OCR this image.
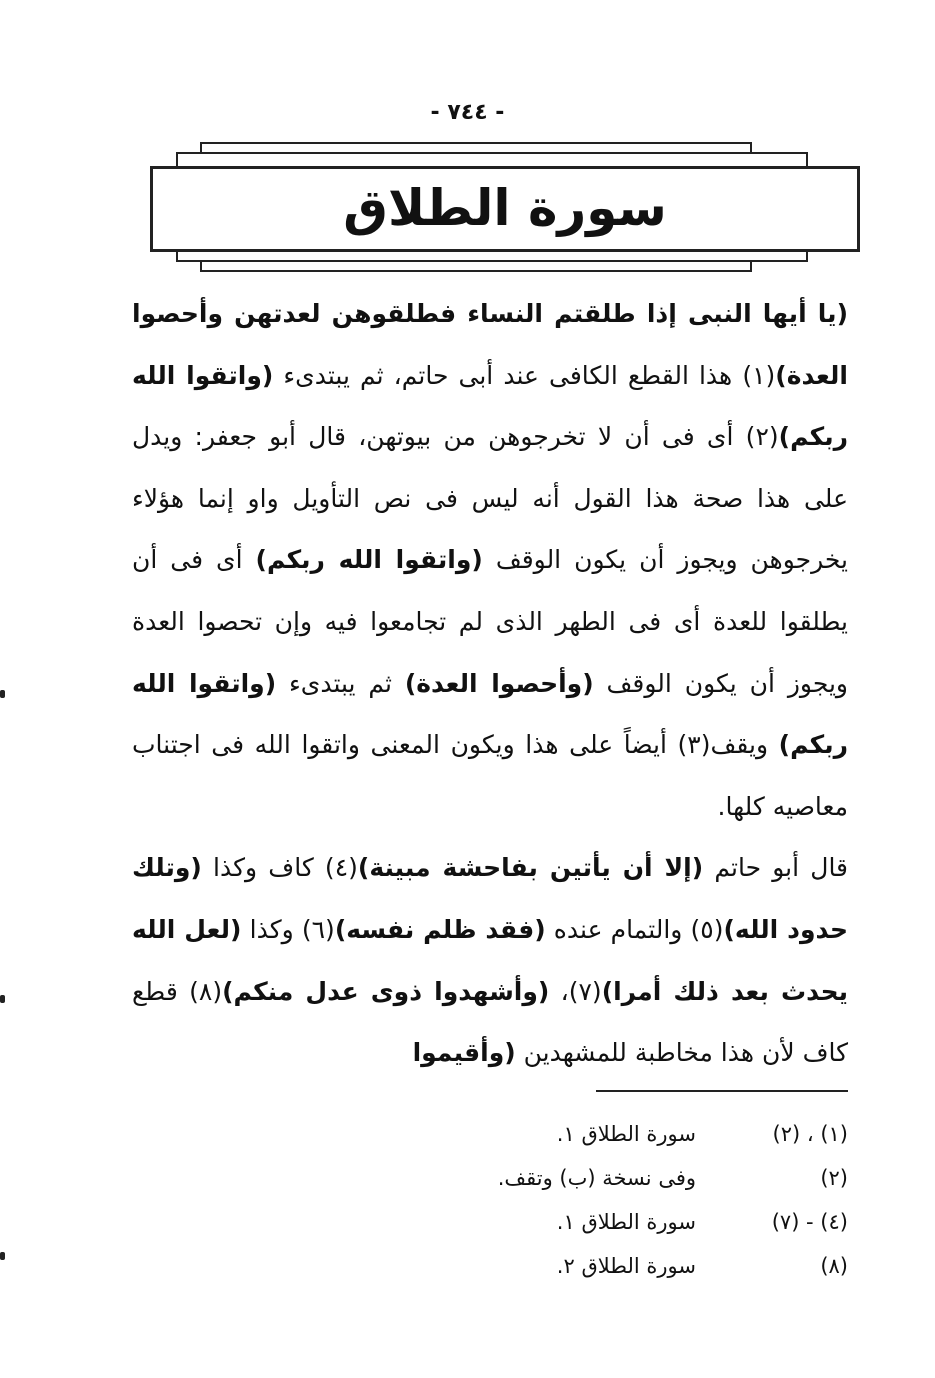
- ٧٤٤ -
سورة الطلاق

(يا أيها النبى إذا طلقتم النساء فطلقوهن لعدتهن وأحصوا العدة)(١) هذا القطع الكافى عند أبى حاتم، ثم يبتدىء (واتقوا الله ربكم)(٢) أى فى أن لا تخرجوهن من بيوتهن، قال أبو جعفر: ويدل على هذا صحة هذا القول أنه ليس فى نص التأويل واو إنما هؤلاء يخرجوهن ويجوز أن يكون الوقف (واتقوا الله ربكم) أى فى أن يطلقوا للعدة أى فى الطهر الذى لم تجامعوا فيه وإن تحصوا العدة ويجوز أن يكون الوقف (وأحصوا العدة) ثم يبتدىء (واتقوا الله ربكم) ويقف(٣) أيضاً على هذا ويكون المعنى واتقوا الله فى اجتناب معاصيه كلها.

قال أبو حاتم (إلا أن يأتين بفاحشة مبينة)(٤) كاف وكذا (وتلك حدود الله)(٥) والتمام عنده (فقد ظلم نفسه)(٦) وكذا (لعل الله يحدث بعد ذلك أمرا)(٧)، (وأشهدوا ذوى عدل منكم)(٨) قطع كاف لأن هذا مخاطبة للمشهدين (وأقيموا

(١) ، (٢)
سورة الطلاق ١.
(٢)
وفى نسخة (ب) وتقف.
(٤) - (٧)
سورة الطلاق ١.
(٨)
سورة الطلاق ٢.
